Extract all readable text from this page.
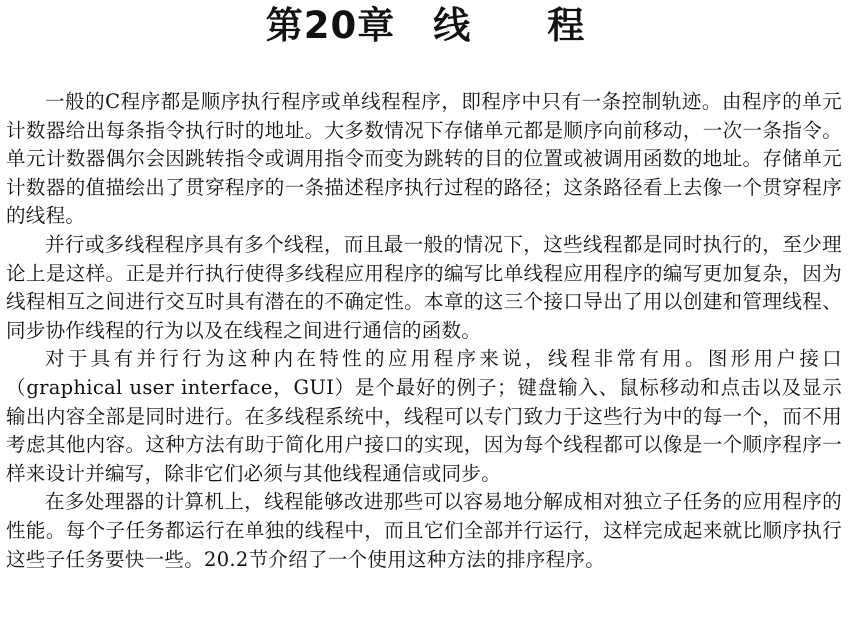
第20章　线　　程

一般的C程序都是顺序执行程序或单线程程序，即程序中只有一条控制轨迹。由程序的单元计数器给出每条指令执行时的地址。大多数情况下存储单元都是顺序向前移动，一次一条指令。单元计数器偶尔会因跳转指令或调用指令而变为跳转的目的位置或被调用函数的地址。存储单元计数器的值描绘出了贯穿程序的一条描述程序执行过程的路径；这条路径看上去像一个贯穿程序的线程。

并行或多线程程序具有多个线程，而且最一般的情况下，这些线程都是同时执行的，至少理论上是这样。正是并行执行使得多线程应用程序的编写比单线程应用程序的编写更加复杂，因为线程相互之间进行交互时具有潜在的不确定性。本章的这三个接口导出了用以创建和管理线程、同步协作线程的行为以及在线程之间进行通信的函数。

对于具有并行行为这种内在特性的应用程序来说，线程非常有用。图形用户接口（graphical user interface，GUI）是个最好的例子；键盘输入、鼠标移动和点击以及显示输出内容全部是同时进行。在多线程系统中，线程可以专门致力于这些行为中的每一个，而不用考虑其他内容。这种方法有助于简化用户接口的实现，因为每个线程都可以像是一个顺序程序一样来设计并编写，除非它们必须与其他线程通信或同步。

在多处理器的计算机上，线程能够改进那些可以容易地分解成相对独立子任务的应用程序的性能。每个子任务都运行在单独的线程中，而且它们全部并行运行，这样完成起来就比顺序执行这些子任务要快一些。20.2节介绍了一个使用这种方法的排序程序。
